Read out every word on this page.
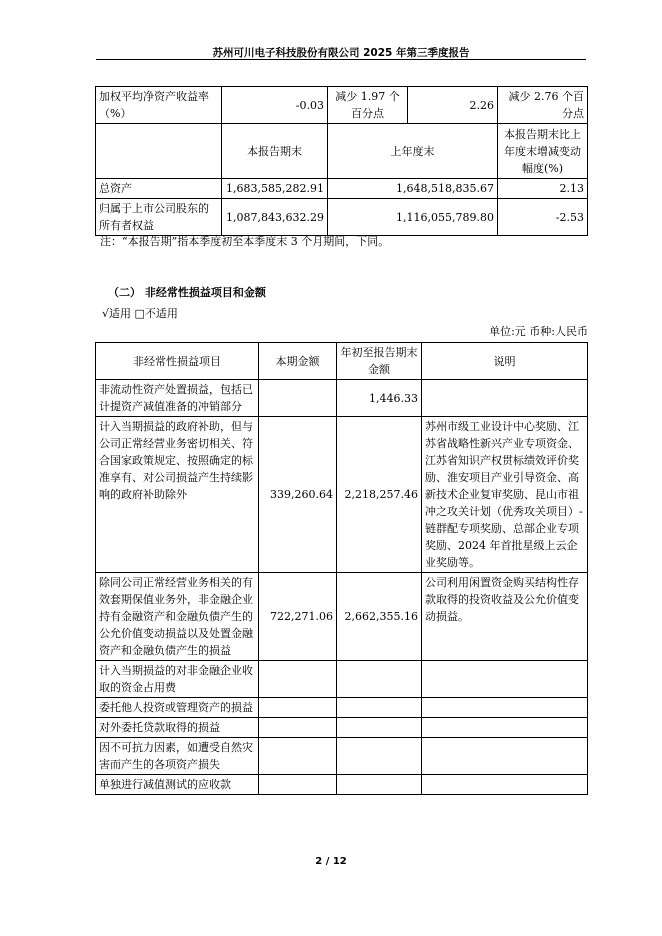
苏州可川电子科技股份有限公司 2025 年第三季度报告
加权平均净资产收益率（%）	-0.03	减少 1.97 个百分点	2.26	减少 2.76 个百分点
	本报告期末	上年度末		本报告期末比上年度末增减变动幅度(%)
总资产	1,683,585,282.91	1,648,518,835.67		2.13
归属于上市公司股东的所有者权益	1,087,843,632.29	1,116,055,789.80		-2.53
注：“本报告期”指本季度初至本季度末 3 个月期间，下同。
（二） 非经常性损益项目和金额
√适用 □不适用
单位:元 币种:人民币
非经常性损益项目	本期金额	年初至报告期末金额	说明
非流动性资产处置损益，包括已计提资产减值准备的冲销部分		1,446.33	
计入当期损益的政府补助，但与公司正常经营业务密切相关、符合国家政策规定、按照确定的标准享有、对公司损益产生持续影响的政府补助除外	339,260.64	2,218,257.46	苏州市级工业设计中心奖励、江苏省战略性新兴产业专项资金、江苏省知识产权贯标绩效评价奖励、淮安项目产业引导资金、高新技术企业复审奖励、昆山市祖冲之攻关计划（优秀攻关项目）-链群配专项奖励、总部企业专项奖励、2024 年首批星级上云企业奖励等。
除同公司正常经营业务相关的有效套期保值业务外，非金融企业持有金融资产和金融负债产生的公允价值变动损益以及处置金融资产和金融负债产生的损益	722,271.06	2,662,355.16	公司利用闲置资金购买结构性存款取得的投资收益及公允价值变动损益。
计入当期损益的对非金融企业收取的资金占用费			
委托他人投资或管理资产的损益			
对外委托贷款取得的损益			
因不可抗力因素，如遭受自然灾害而产生的各项资产损失			
单独进行减值测试的应收款			
2 / 12
